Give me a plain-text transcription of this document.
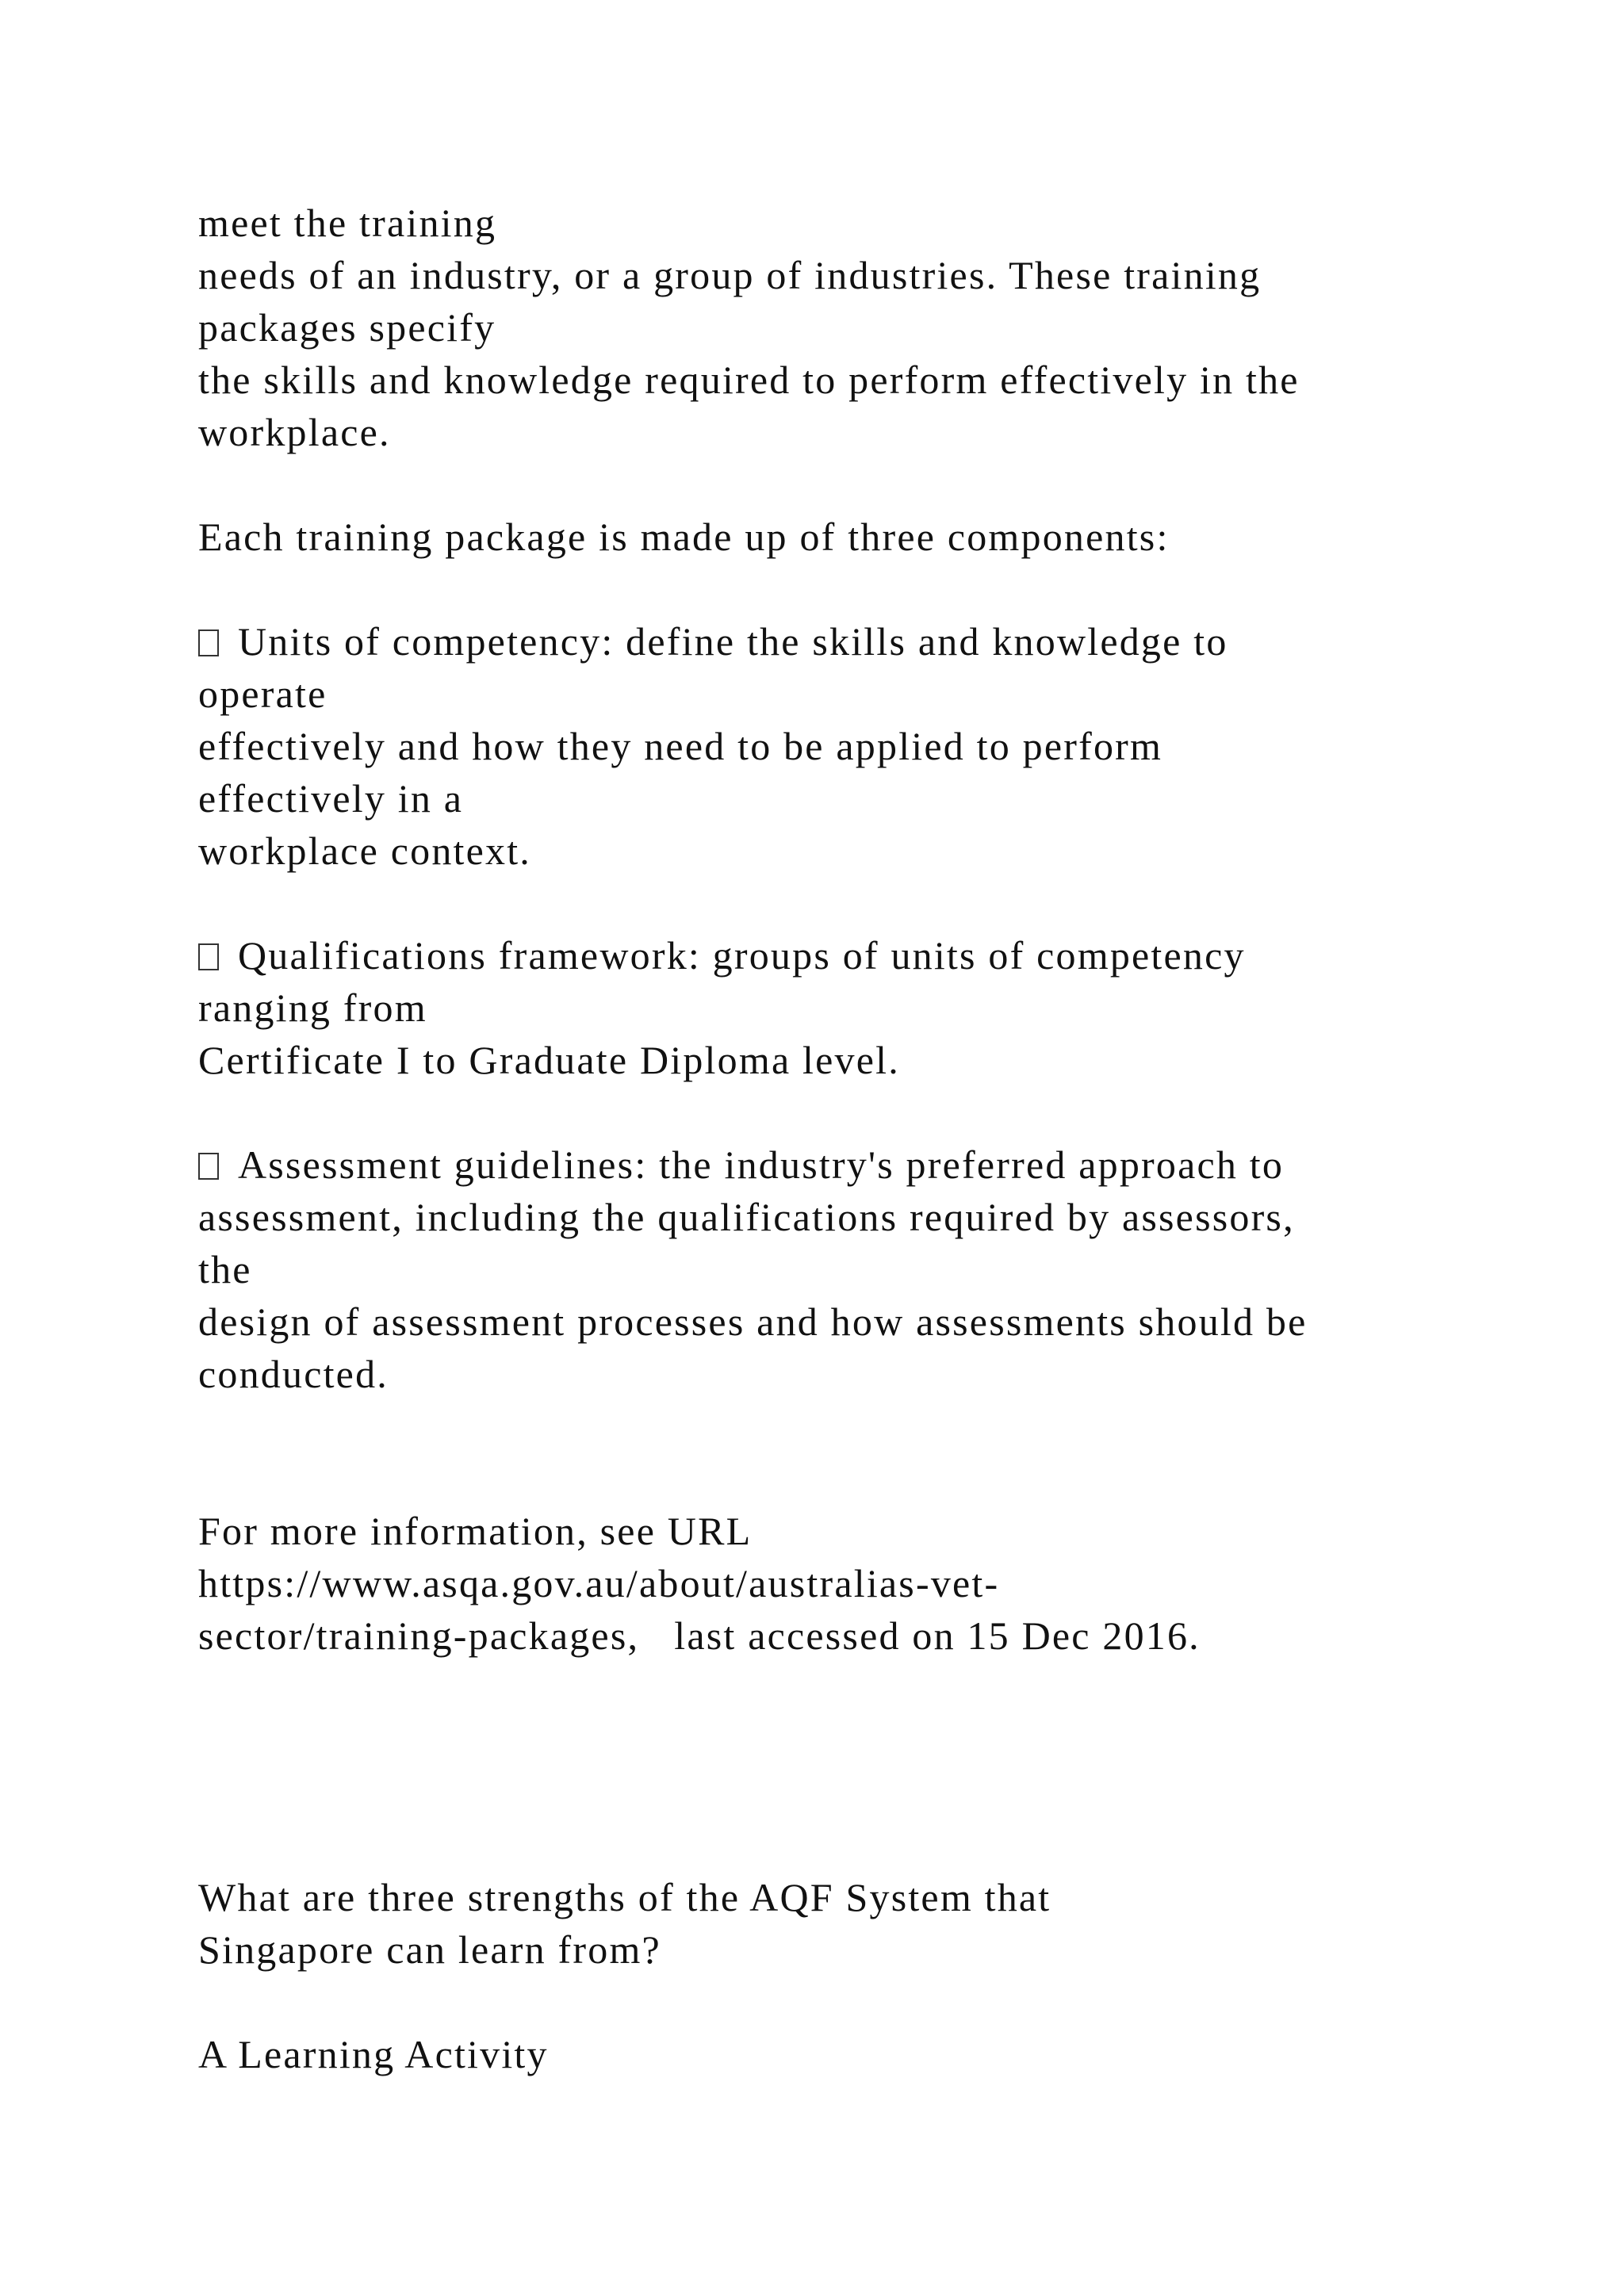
meet the training
needs of an industry, or a group of industries. These training
packages specify
the skills and knowledge required to perform effectively in the
workplace.
Each training package is made up of three components:
Units of competency: define the skills and knowledge to
operate
effectively and how they need to be applied to perform
effectively in a
workplace context.
Qualifications framework: groups of units of competency
ranging from
Certificate I to Graduate Diploma level.
Assessment guidelines: the industry's preferred approach to
assessment, including the qualifications required by assessors,
the
design of assessment processes and how assessments should be
conducted.
For more information, see URL
https://www.asqa.gov.au/about/australias-vet-
sector/training-packages,   last accessed on 15 Dec 2016.
What are three strengths of the AQF System that
Singapore can learn from?
A Learning Activity
